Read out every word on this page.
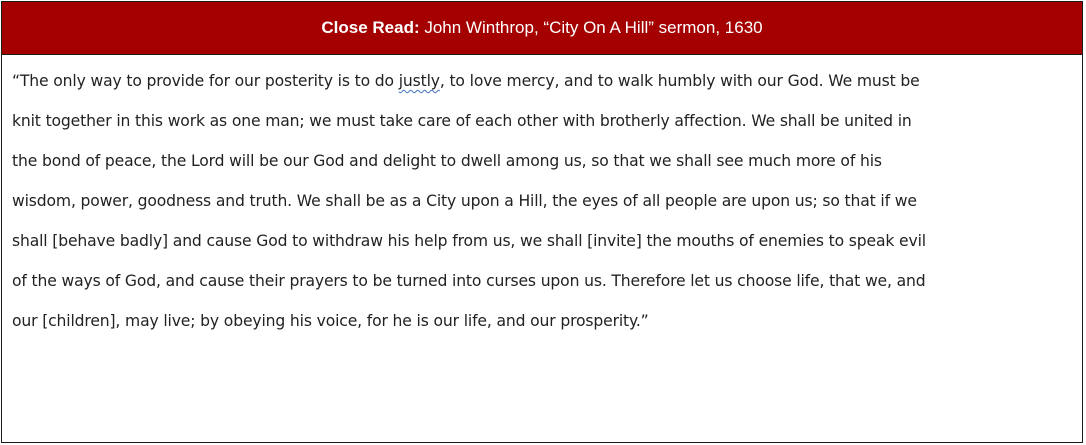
Close Read: John Winthrop, “City On A Hill” sermon, 1630
“The only way to provide for our posterity is to do justly, to love mercy, and to walk humbly with our God. We must be
knit together in this work as one man; we must take care of each other with brotherly affection. We shall be united in
the bond of peace, the Lord will be our God and delight to dwell among us, so that we shall see much more of his
wisdom, power, goodness and truth. We shall be as a City upon a Hill, the eyes of all people are upon us; so that if we
shall [behave badly] and cause God to withdraw his help from us, we shall [invite] the mouths of enemies to speak evil
of the ways of God, and cause their prayers to be turned into curses upon us. Therefore let us choose life, that we, and
our [children], may live; by obeying his voice, for he is our life, and our prosperity.”
